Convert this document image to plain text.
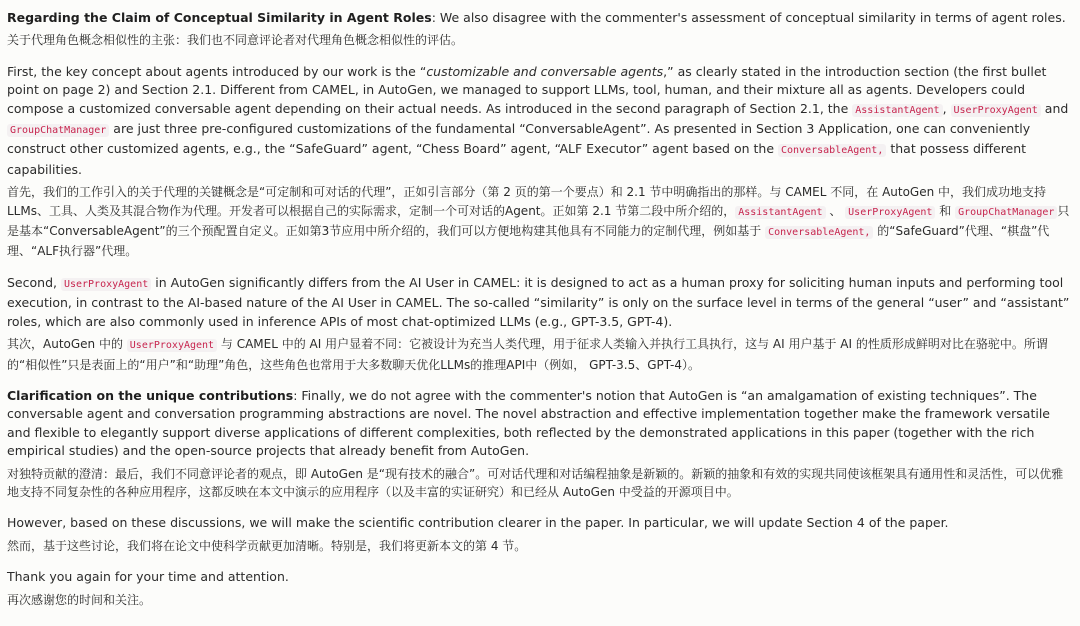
Regarding the Claim of Conceptual Similarity in Agent Roles: We also disagree with the commenter's assessment of conceptual similarity in terms of agent roles.

关于代理角色概念相似性的主张：我们也不同意评论者对代理角色概念相似性的评估。

First, the key concept about agents introduced by our work is the “customizable and conversable agents,” as clearly stated in the introduction section (the first bullet point on page 2) and Section 2.1. Different from CAMEL, in AutoGen, we managed to support LLMs, tool, human, and their mixture all as agents. Developers could compose a customized conversable agent depending on their actual needs. As introduced in the second paragraph of Section 2.1, the AssistantAgent , UserProxyAgent and GroupChatManager are just three pre-configured customizations of the fundamental “ConversableAgent”. As presented in Section 3 Application, one can conveniently construct other customized agents, e.g., the “SafeGuard” agent, “Chess Board” agent, “ALF Executor” agent based on the ConversableAgent, that possess different capabilities.

首先，我们的工作引入的关于代理的关键概念是“可定制和可对话的代理”，正如引言部分（第 2 页的第一个要点）和 2.1 节中明确指出的那样。与 CAMEL 不同，在 AutoGen 中，我们成功地支持LLMs、工具、人类及其混合物作为代理。开发者可以根据自己的实际需求，定制一个可对话的Agent。正如第 2.1 节第二段中所介绍的， AssistantAgent 、 UserProxyAgent 和 GroupChatManager 只是基本“ConversableAgent”的三个预配置自定义。正如第3节应用中所介绍的，我们可以方便地构建其他具有不同能力的定制代理，例如基于 ConversableAgent, 的“SafeGuard”代理、“棋盘”代理、“ALF执行器”代理。

Second, UserProxyAgent in AutoGen significantly differs from the AI User in CAMEL: it is designed to act as a human proxy for soliciting human inputs and performing tool execution, in contrast to the AI-based nature of the AI User in CAMEL. The so-called “similarity” is only on the surface level in terms of the general “user” and “assistant” roles, which are also commonly used in inference APIs of most chat-optimized LLMs (e.g., GPT-3.5, GPT-4).

其次，AutoGen 中的 UserProxyAgent 与 CAMEL 中的 AI 用户显着不同：它被设计为充当人类代理，用于征求人类输入并执行工具执行，这与 AI 用户基于 AI 的性质形成鲜明对比在骆驼中。所谓的“相似性”只是表面上的“用户”和“助理”角色，这些角色也常用于大多数聊天优化LLMs的推理API中（例如， GPT-3.5、GPT-4）。

Clarification on the unique contributions: Finally, we do not agree with the commenter's notion that AutoGen is “an amalgamation of existing techniques”. The conversable agent and conversation programming abstractions are novel. The novel abstraction and effective implementation together make the framework versatile and flexible to elegantly support diverse applications of different complexities, both reflected by the demonstrated applications in this paper (together with the rich empirical studies) and the open-source projects that already benefit from AutoGen.

对独特贡献的澄清：最后，我们不同意评论者的观点，即 AutoGen 是“现有技术的融合”。可对话代理和对话编程抽象是新颖的。新颖的抽象和有效的实现共同使该框架具有通用性和灵活性，可以优雅地支持不同复杂性的各种应用程序，这都反映在本文中演示的应用程序（以及丰富的实证研究）和已经从 AutoGen 中受益的开源项目中。

However, based on these discussions, we will make the scientific contribution clearer in the paper. In particular, we will update Section 4 of the paper.

然而，基于这些讨论，我们将在论文中使科学贡献更加清晰。特别是，我们将更新本文的第 4 节。

Thank you again for your time and attention.

再次感谢您的时间和关注。
